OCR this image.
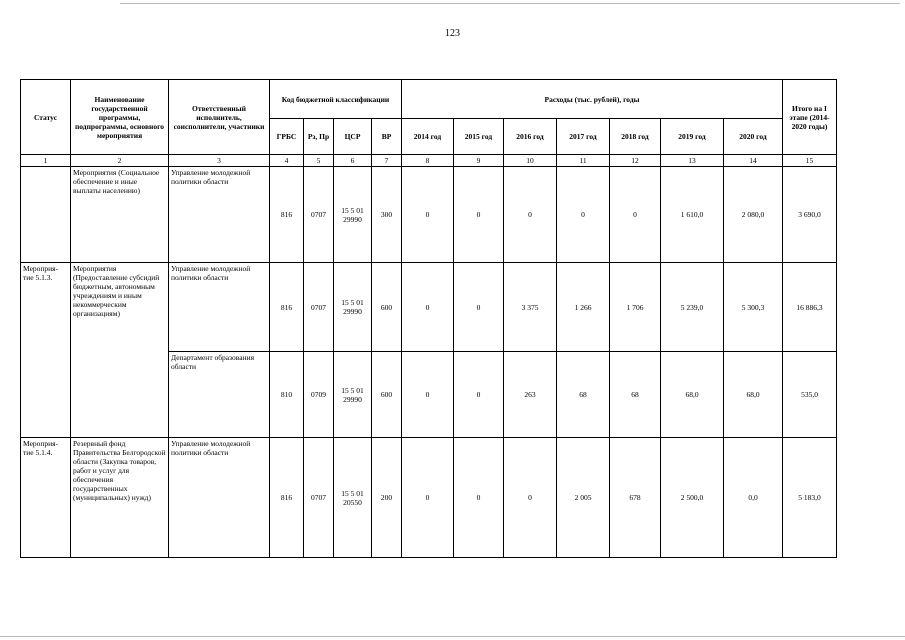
123
Статус	Наименование государственной программы, подпрограммы, основного мероприятия	Ответственный исполнитель, соисполнители, участники	Код бюджетной классификации				Расходы (тыс. рублей), годы							Итого на I этапе (2014-2020 годы)
			ГРБС	Рз, Пр	ЦСР	ВР	2014 год	2015 год	2016 год	2017 год	2018 год	2019 год	2020 год	
1	2	3	4	5	6	7	8	9	10	11	12	13	14	15
	Мероприятия (Социальное обеспечение и иные выплаты населению)	Управление молодежной политики области	816	0707	15 5 01 29990	300	0	0	0	0	0	1 610,0	2 080,0	3 690,0
Мероприя-тие 5.1.3.	Мероприятия (Предоставление субсидий бюджетным, автономным учреждениям и иным некоммерческим организациям)	Управление молодежной политики области	816	0707	15 5 01 29990	600	0	0	3 375	1 266	1 706	5 239,0	5 300,3	16 886,3
		Департамент образования области	810	0709	15 5 01 29990	600	0	0	263	68	68	68,0	68,0	535,0
Мероприя-тие 5.1.4.	Резервный фонд Правительства Белгородской области (Закупка товаров, работ и услуг для обеспечения государственных (муниципальных) нужд)	Управление молодежной политики области	816	0707	15 5 01 20550	200	0	0	0	2 005	678	2 500,0	0,0	5 183,0
